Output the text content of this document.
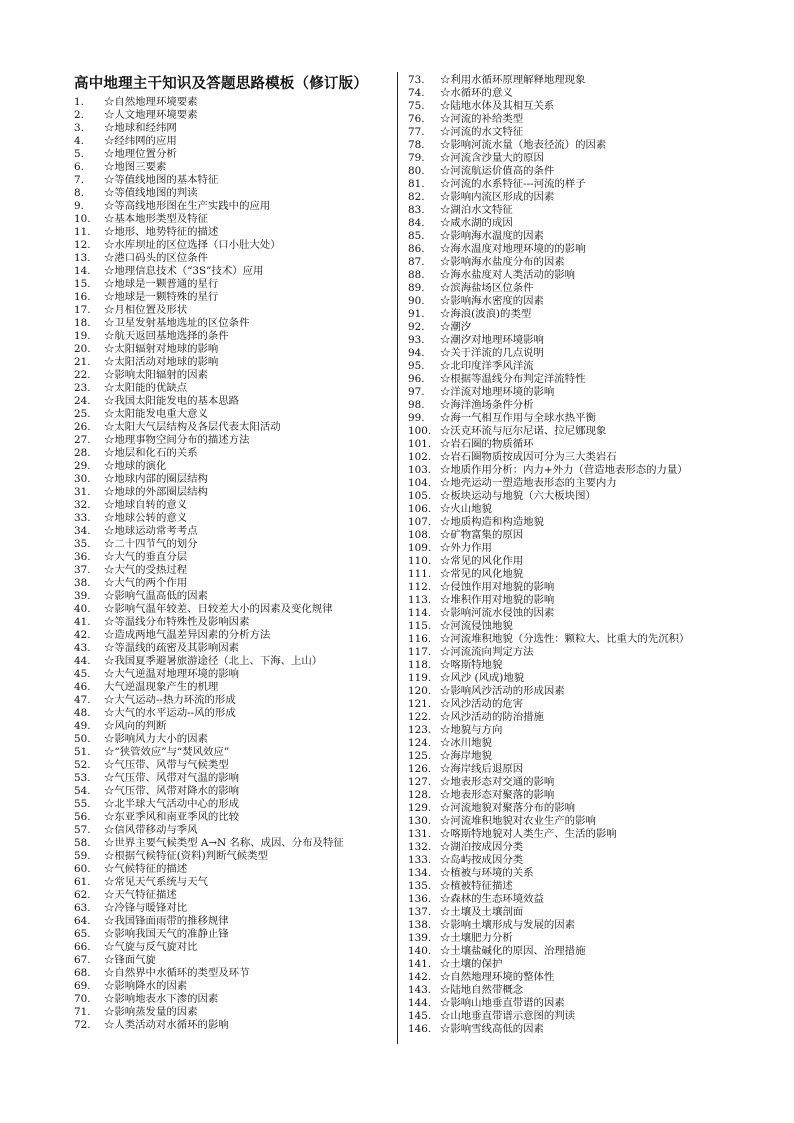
高中地理主干知识及答题思路模板（修订版）
1. ☆自然地理环境要素
2. ☆人文地理环境要素
3. ☆地球和经纬网
4. ☆经纬网的应用
5. ☆地理位置分析
6. ☆地图三要素
7. ☆等值线地图的基本特征
8. ☆等值线地图的判读
9. ☆等高线地形图在生产实践中的应用
10. ☆基本地形类型及特征
11. ☆地形、地势特征的描述
12. ☆水库坝址的区位选择（口小肚大处）
13. ☆港口码头的区位条件
14. ☆地理信息技术（“3S”技术）应用
15. ☆地球是一颗普通的星行
16. ☆地球是一颗特殊的星行
17. ☆月相位置及形状
18. ☆卫星发射基地选址的区位条件
19. ☆航天返回基地选择的条件
20. ☆太阳辐射对地球的影响
21. ☆太阳活动对地球的影响
22. ☆影响太阳辐射的因素
23. ☆太阳能的优缺点
24. ☆我国太阳能发电的基本思路
25. ☆太阳能发电重大意义
26. ☆太阳大气层结构及各层代表太阳活动
27. ☆地理事物空间分布的描述方法
28. ☆地层和化石的关系
29. ☆地球的演化
30. ☆地球内部的圈层结构
31. ☆地球的外部圈层结构
32. ☆地球自转的意义
33. ☆地球公转的意义
34. ☆地球运动常考考点
35. ☆二十四节气的划分
36. ☆大气的垂直分层
37. ☆大气的受热过程
38. ☆大气的两个作用
39. ☆影响气温高低的因素
40. ☆影响气温年较差、日较差大小的因素及变化规律
41. ☆等温线分布特殊性及影响因素
42. ☆造成两地气温差异因素的分析方法
43. ☆等温线的疏密及其影响因素
44. ☆我国夏季避暑旅游途径（北上、下海、上山）
45. ☆大气逆温对地理环境的影响
46. 大气逆温现象产生的机理
47. ☆大气运动--热力环流的形成
48. ☆大气的水平运动--风的形成
49. ☆风向的判断
50. ☆影响风力大小的因素
51. ☆“狭管效应”与“焚风效应”
52. ☆气压带、风带与气候类型
53. ☆气压带、风带对气温的影响
54. ☆气压带、风带对降水的影响
55. ☆北半球大气活动中心的形成
56. ☆东亚季风和南亚季风的比较
57. ☆信风带移动与季风
58. ☆世界主要气候类型 A→N 名称、成因、分布及特征
59. ☆根据气候特征(资料)判断气候类型
60. ☆气候特征的描述
61. ☆常见天气系统与天气
62. ☆天气特征描述
63. ☆冷锋与暖锋对比
64. ☆我国锋面雨带的推移规律
65. ☆影响我国天气的准静止锋
66. ☆气旋与反气旋对比
67. ☆锋面气旋
68. ☆自然界中水循环的类型及环节
69. ☆影响降水的因素
70. ☆影响地表水下渗的因素
71. ☆影响蒸发量的因素
72. ☆人类活动对水循环的影响
73. ☆利用水循环原理解释地理现象
74. ☆水循环的意义
75. ☆陆地水体及其相互关系
76. ☆河流的补给类型
77. ☆河流的水文特征
78. ☆影响河流水量（地表径流）的因素
79. ☆河流含沙量大的原因
80. ☆河流航运价值高的条件
81. ☆河流的水系特征---河流的样子
82. ☆影响内流区形成的因素
83. ☆湖泊水文特征
84. ☆咸水湖的成因
85. ☆影响海水温度的因素
86. ☆海水温度对地理环境的的影响
87. ☆影响海水盐度分布的因素
88. ☆海水盐度对人类活动的影响
89. ☆滨海盐场区位条件
90. ☆影响海水密度的因素
91. ☆海浪(波浪)的类型
92. ☆潮汐
93. ☆潮汐对地理环境影响
94. ☆关于洋流的几点说明
95. ☆北印度洋季风洋流
96. ☆根据等温线分布判定洋流特性
97. ☆洋流对地理环境的影响
98. ☆海洋渔场条件分析
99. ☆海一气相互作用与全球水热平衡
100. ☆沃克环流与厄尔尼诺、拉尼娜现象
101. ☆岩石圈的物质循环
102. ☆岩石圈物质按成因可分为三大类岩石
103. ☆地质作用分析：内力+外力（营造地表形态的力量）
104. ☆地壳运动一塑造地表形态的主要内力
105. ☆板块运动与地貌（六大板块图）
106. ☆火山地貌
107. ☆地质构造和构造地貌
108. ☆矿物富集的原因
109. ☆外力作用
110. ☆常见的风化作用
111. ☆常见的风化地貌
112. ☆侵蚀作用对地貌的影响
113. ☆堆积作用对地貌的影响
114. ☆影响河流水侵蚀的因素
115. ☆河流侵蚀地貌
116. ☆河流堆积地貌（分选性：颗粒大、比重大的先沉积）
117. ☆河流流向判定方法
118. ☆喀斯特地貌
119. ☆风沙 (风成)地貌
120. ☆影响风沙活动的形成因素
121. ☆风沙活动的危害
122. ☆风沙活动的防治措施
123. ☆地貌与方向
124. ☆冰川地貌
125. ☆海岸地貌
126. ☆海岸线后退原因
127. ☆地表形态对交通的影响
128. ☆地表形态对聚落的影响
129. ☆河流地貌对聚落分布的影响
130. ☆河流堆积地貌对农业生产的影响
131. ☆喀斯特地貌对人类生产、生活的影响
132. ☆湖泊按成因分类
133. ☆岛屿按成因分类
134. ☆植被与环境的关系
135. ☆植被特征描述
136. ☆森林的生态环境效益
137. ☆土壤及土壤剖面
138. ☆影响土壤形成与发展的因素
139. ☆土壤肥力分析
140. ☆土壤盐碱化的原因、治理措施
141. ☆土壤的保护
142. ☆自然地理环境的整体性
143. ☆陆地自然带概念
144. ☆影响山地垂直带谱的因素
145. ☆山地垂直带谱示意图的判读
146. ☆影响雪线高低的因素
